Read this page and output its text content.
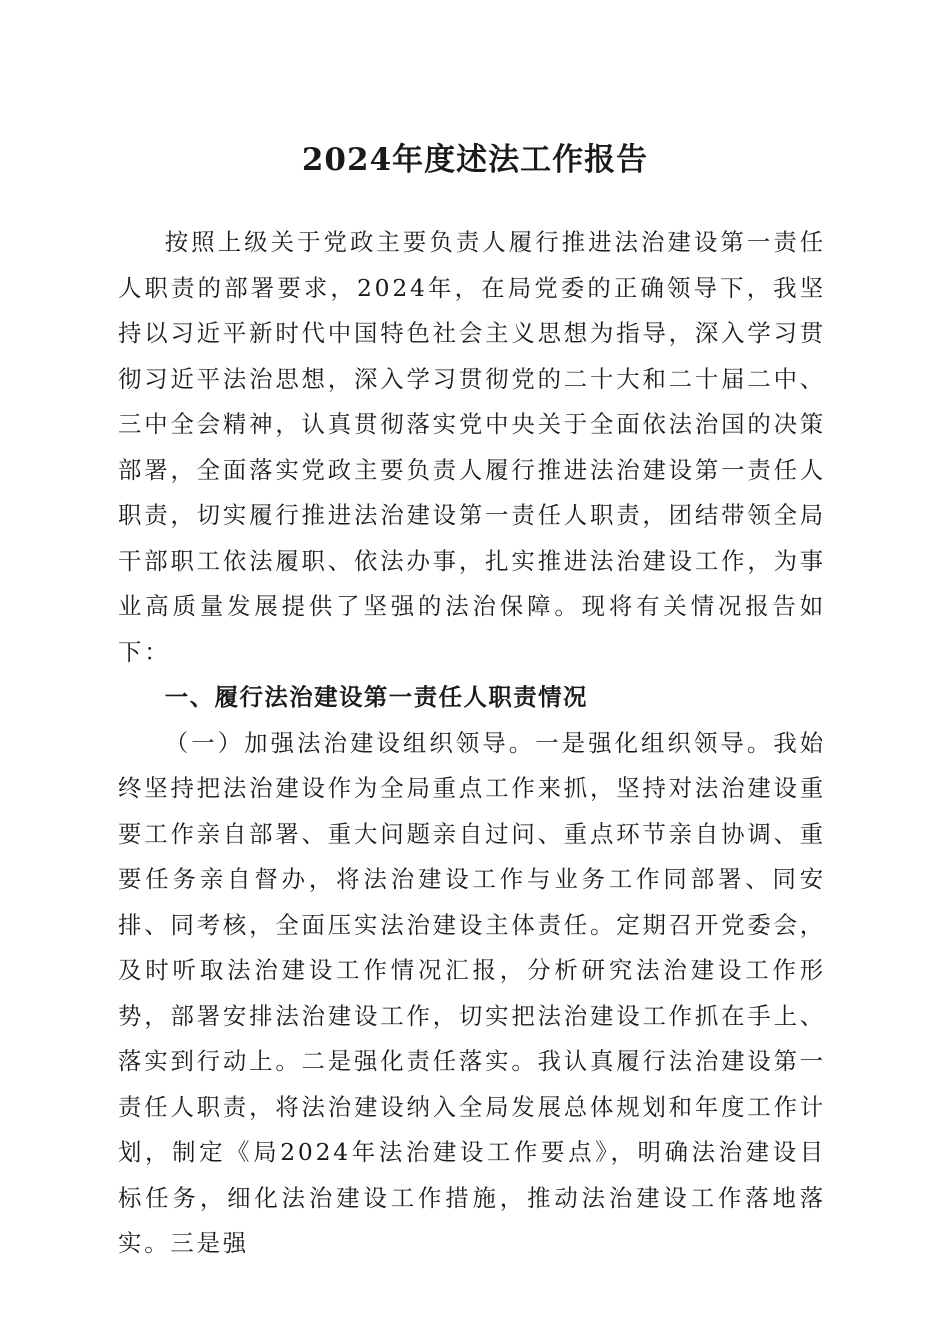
2024年度述法工作报告

按照上级关于党政主要负责人履行推进法治建设第一责任人职责的部署要求，2024年，在局党委的正确领导下，我坚持以习近平新时代中国特色社会主义思想为指导，深入学习贯彻习近平法治思想，深入学习贯彻党的二十大和二十届二中、三中全会精神，认真贯彻落实党中央关于全面依法治国的决策部署，全面落实党政主要负责人履行推进法治建设第一责任人职责，切实履行推进法治建设第一责任人职责，团结带领全局干部职工依法履职、依法办事，扎实推进法治建设工作，为事业高质量发展提供了坚强的法治保障。现将有关情况报告如下：

一、履行法治建设第一责任人职责情况

（一）加强法治建设组织领导。一是强化组织领导。我始终坚持把法治建设作为全局重点工作来抓，坚持对法治建设重要工作亲自部署、重大问题亲自过问、重点环节亲自协调、重要任务亲自督办，将法治建设工作与业务工作同部署、同安排、同考核，全面压实法治建设主体责任。定期召开党委会，及时听取法治建设工作情况汇报，分析研究法治建设工作形势，部署安排法治建设工作，切实把法治建设工作抓在手上、落实到行动上。二是强化责任落实。我认真履行法治建设第一责任人职责，将法治建设纳入全局发展总体规划和年度工作计划，制定《局2024年法治建设工作要点》，明确法治建设目标任务，细化法治建设工作措施，推动法治建设工作落地落实。三是强
